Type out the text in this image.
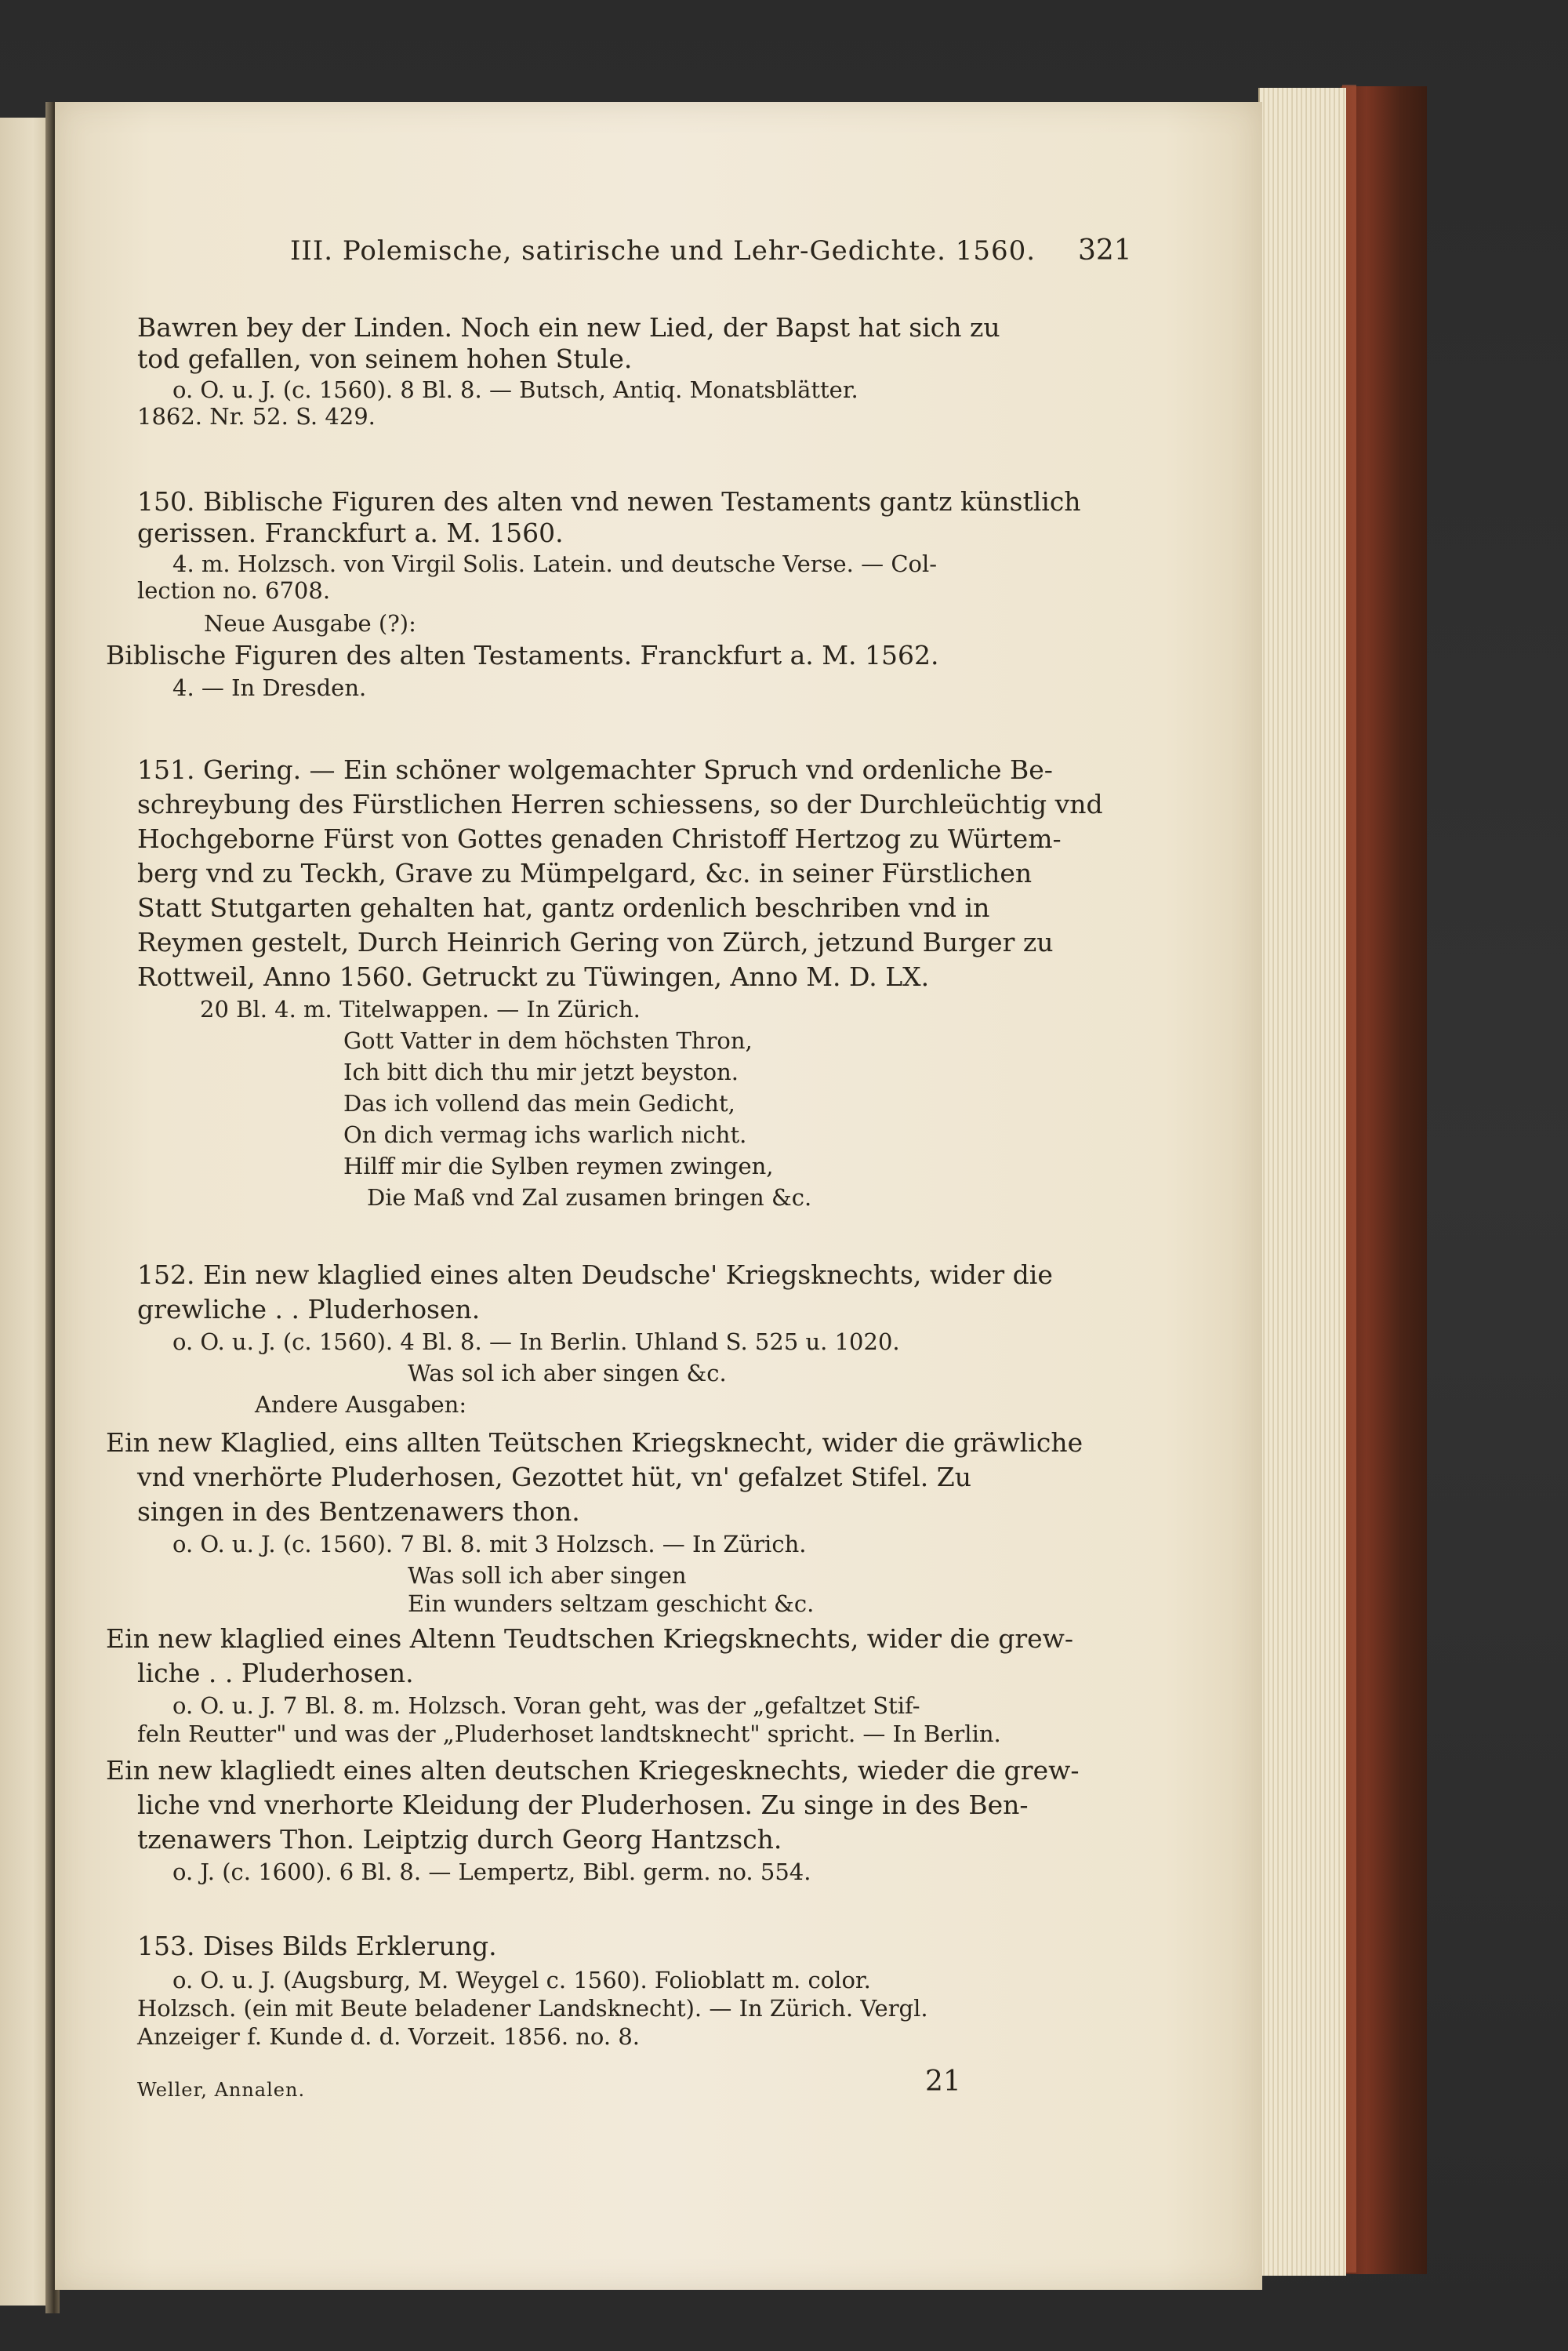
III. Polemische, satirische und Lehr-Gedichte. 1560. 321
Bawren bey der Linden. Noch ein new Lied, der Bapst hat sich zu
tod gefallen, von seinem hohen Stule.
o. O. u. J. (c. 1560). 8 Bl. 8. — Butsch, Antiq. Monatsblätter.
1862. Nr. 52. S. 429.
150. Biblische Figuren des alten vnd newen Testaments gantz künstlich
gerissen. Franckfurt a. M. 1560.
4. m. Holzsch. von Virgil Solis. Latein. und deutsche Verse. — Col-
lection no. 6708.
Neue Ausgabe (?):
Biblische Figuren des alten Testaments. Franckfurt a. M. 1562.
4. — In Dresden.
151. Gering. — Ein schöner wolgemachter Spruch vnd ordenliche Be-
schreybung des Fürstlichen Herren schiessens, so der Durchleüchtig vnd
Hochgeborne Fürst von Gottes genaden Christoff Hertzog zu Würtem-
berg vnd zu Teckh, Grave zu Mümpelgard, &c. in seiner Fürstlichen
Statt Stutgarten gehalten hat, gantz ordenlich beschriben vnd in
Reymen gestelt, Durch Heinrich Gering von Zürch, jetzund Burger zu
Rottweil, Anno 1560. Getruckt zu Tüwingen, Anno M. D. LX.
20 Bl. 4. m. Titelwappen. — In Zürich.
Gott Vatter in dem höchsten Thron,
Ich bitt dich thu mir jetzt beyston.
Das ich vollend das mein Gedicht,
On dich vermag ichs warlich nicht.
Hilff mir die Sylben reymen zwingen,
Die Maß vnd Zal zusamen bringen &c.
152. Ein new klaglied eines alten Deudsche' Kriegsknechts, wider die
grewliche . . Pluderhosen.
o. O. u. J. (c. 1560). 4 Bl. 8. — In Berlin. Uhland S. 525 u. 1020.
Was sol ich aber singen &c.
Andere Ausgaben:
Ein new Klaglied, eins allten Teütschen Kriegsknecht, wider die gräwliche
vnd vnerhörte Pluderhosen, Gezottet hüt, vn' gefalzet Stifel. Zu
singen in des Bentzenawers thon.
o. O. u. J. (c. 1560). 7 Bl. 8. mit 3 Holzsch. — In Zürich.
Was soll ich aber singen
Ein wunders seltzam geschicht &c.
Ein new klaglied eines Altenn Teudtschen Kriegsknechts, wider die grew-
liche . . Pluderhosen.
o. O. u. J. 7 Bl. 8. m. Holzsch. Voran geht, was der „gefaltzet Stif-
feln Reutter" und was der „Pluderhoset landtsknecht" spricht. — In Berlin.
Ein new klagliedt eines alten deutschen Kriegesknechts, wieder die grew-
liche vnd vnerhorte Kleidung der Pluderhosen. Zu singe in des Ben-
tzenawers Thon. Leiptzig durch Georg Hantzsch.
o. J. (c. 1600). 6 Bl. 8. — Lempertz, Bibl. germ. no. 554.
153. Dises Bilds Erklerung.
o. O. u. J. (Augsburg, M. Weygel c. 1560). Folioblatt m. color.
Holzsch. (ein mit Beute beladener Landsknecht). — In Zürich. Vergl.
Anzeiger f. Kunde d. d. Vorzeit. 1856. no. 8.
Weller, Annalen.	21
